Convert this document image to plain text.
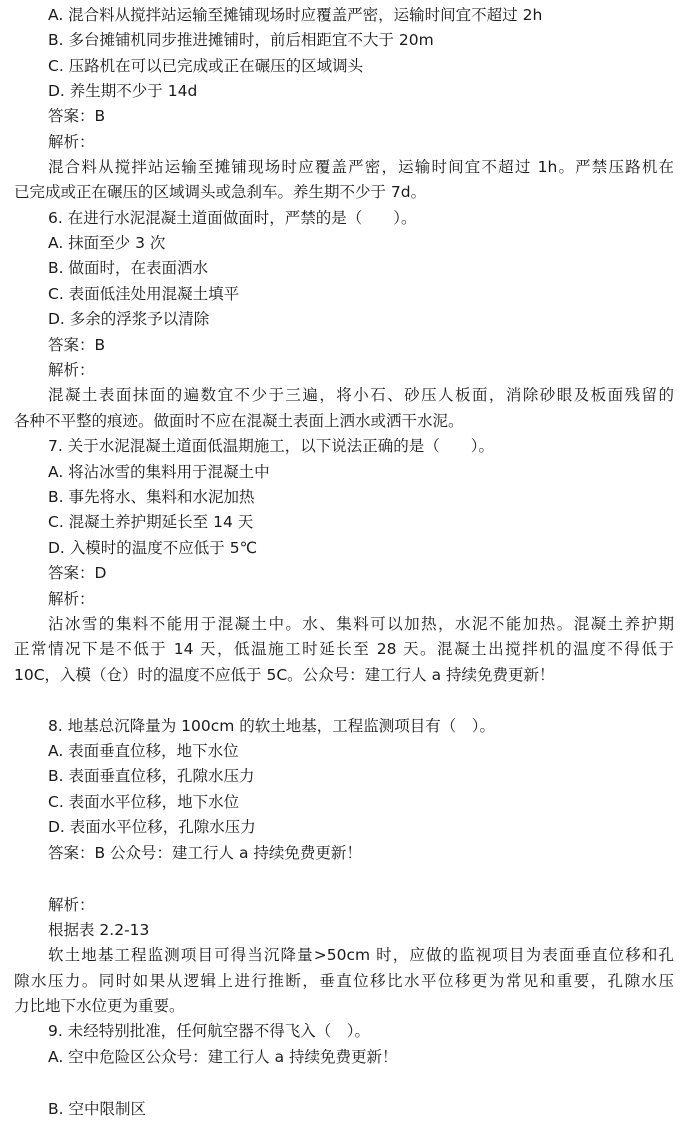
A. 混合料从搅拌站运输至摊铺现场时应覆盖严密，运输时间宜不超过 2h
B. 多台摊铺机同步推进摊铺时，前后相距宜不大于 20m
C. 压路机在可以已完成或正在碾压的区域调头
D. 养生期不少于 14d
答案：B
解析：
混合料从搅拌站运输至摊铺现场时应覆盖严密，运输时间宜不超过 1h。严禁压路机在
已完成或正在碾压的区域调头或急刹车。养生期不少于 7d。
6. 在进行水泥混凝土道面做面时，严禁的是（　　）。
A. 抹面至少 3 次
B. 做面时，在表面洒水
C. 表面低洼处用混凝土填平
D. 多余的浮浆予以清除
答案：B
解析：
混凝土表面抹面的遍数宜不少于三遍，将小石、砂压人板面，消除砂眼及板面残留的
各种不平整的痕迹。做面时不应在混凝土表面上洒水或洒干水泥。
7. 关于水泥混凝土道面低温期施工，以下说法正确的是（　　）。
A. 将沾冰雪的集料用于混凝土中
B. 事先将水、集料和水泥加热
C. 混凝土养护期延长至 14 天
D. 入模时的温度不应低于 5℃
答案：D
解析：
沾冰雪的集料不能用于混凝土中。水、集料可以加热，水泥不能加热。混凝土养护期
正常情况下是不低于 14 天，低温施工时延长至 28 天。混凝土出搅拌机的温度不得低于
10C，入模（仓）时的温度不应低于 5C。公众号：建工行人 a 持续免费更新！
8. 地基总沉降量为 100cm 的软土地基，工程监测项目有（　）。
A. 表面垂直位移，地下水位
B. 表面垂直位移，孔隙水压力
C. 表面水平位移，地下水位
D. 表面水平位移，孔隙水压力
答案：B 公众号：建工行人 a 持续免费更新！
解析：
根据表 2.2-13
软土地基工程监测项目可得当沉降量>50cm 时，应做的监视项目为表面垂直位移和孔
隙水压力。同时如果从逻辑上进行推断，垂直位移比水平位移更为常见和重要，孔隙水压
力比地下水位更为重要。
9. 未经特别批准，任何航空器不得飞入（　）。
A. 空中危险区公众号：建工行人 a 持续免费更新！
B. 空中限制区
